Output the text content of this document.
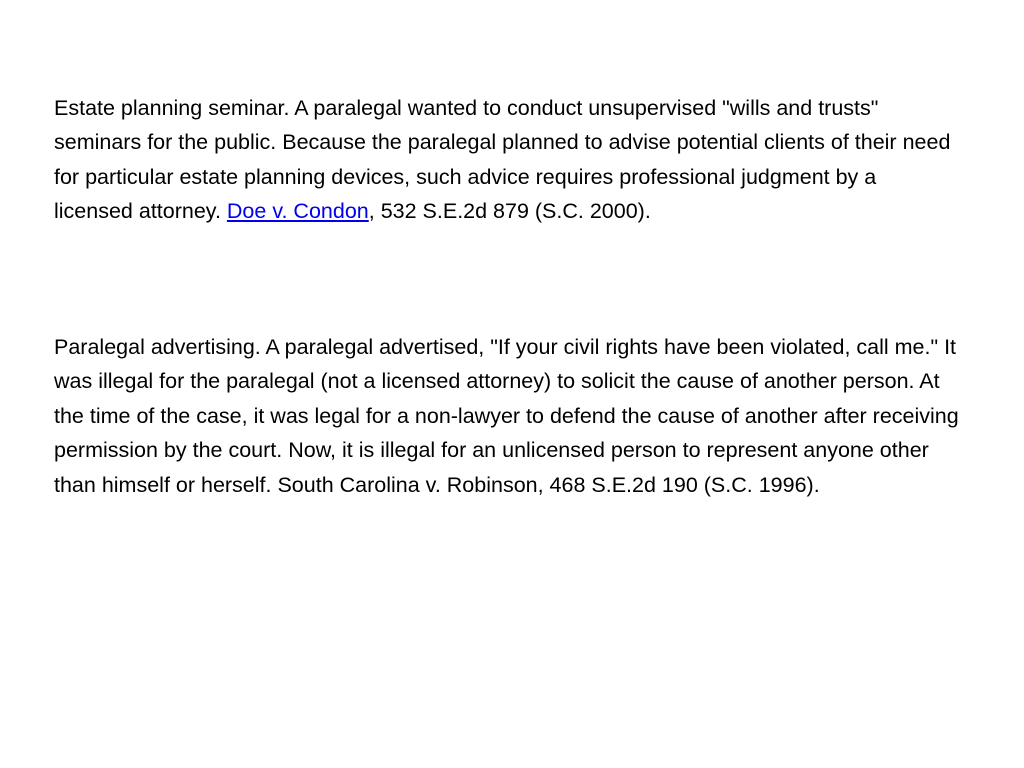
Estate planning seminar. A paralegal wanted to conduct unsupervised "wills and trusts" seminars for the public. Because the paralegal planned to advise potential clients of their need for particular estate planning devices, such advice requires professional judgment by a licensed attorney. Doe v. Condon, 532 S.E.2d 879 (S.C. 2000).

Paralegal advertising. A paralegal advertised, "If your civil rights have been violated, call me." It was illegal for the paralegal (not a licensed attorney) to solicit the cause of another person. At the time of the case, it was legal for a non-lawyer to defend the cause of another after receiving permission by the court. Now, it is illegal for an unlicensed person to represent anyone other than himself or herself. South Carolina v. Robinson, 468 S.E.2d 190 (S.C. 1996).
